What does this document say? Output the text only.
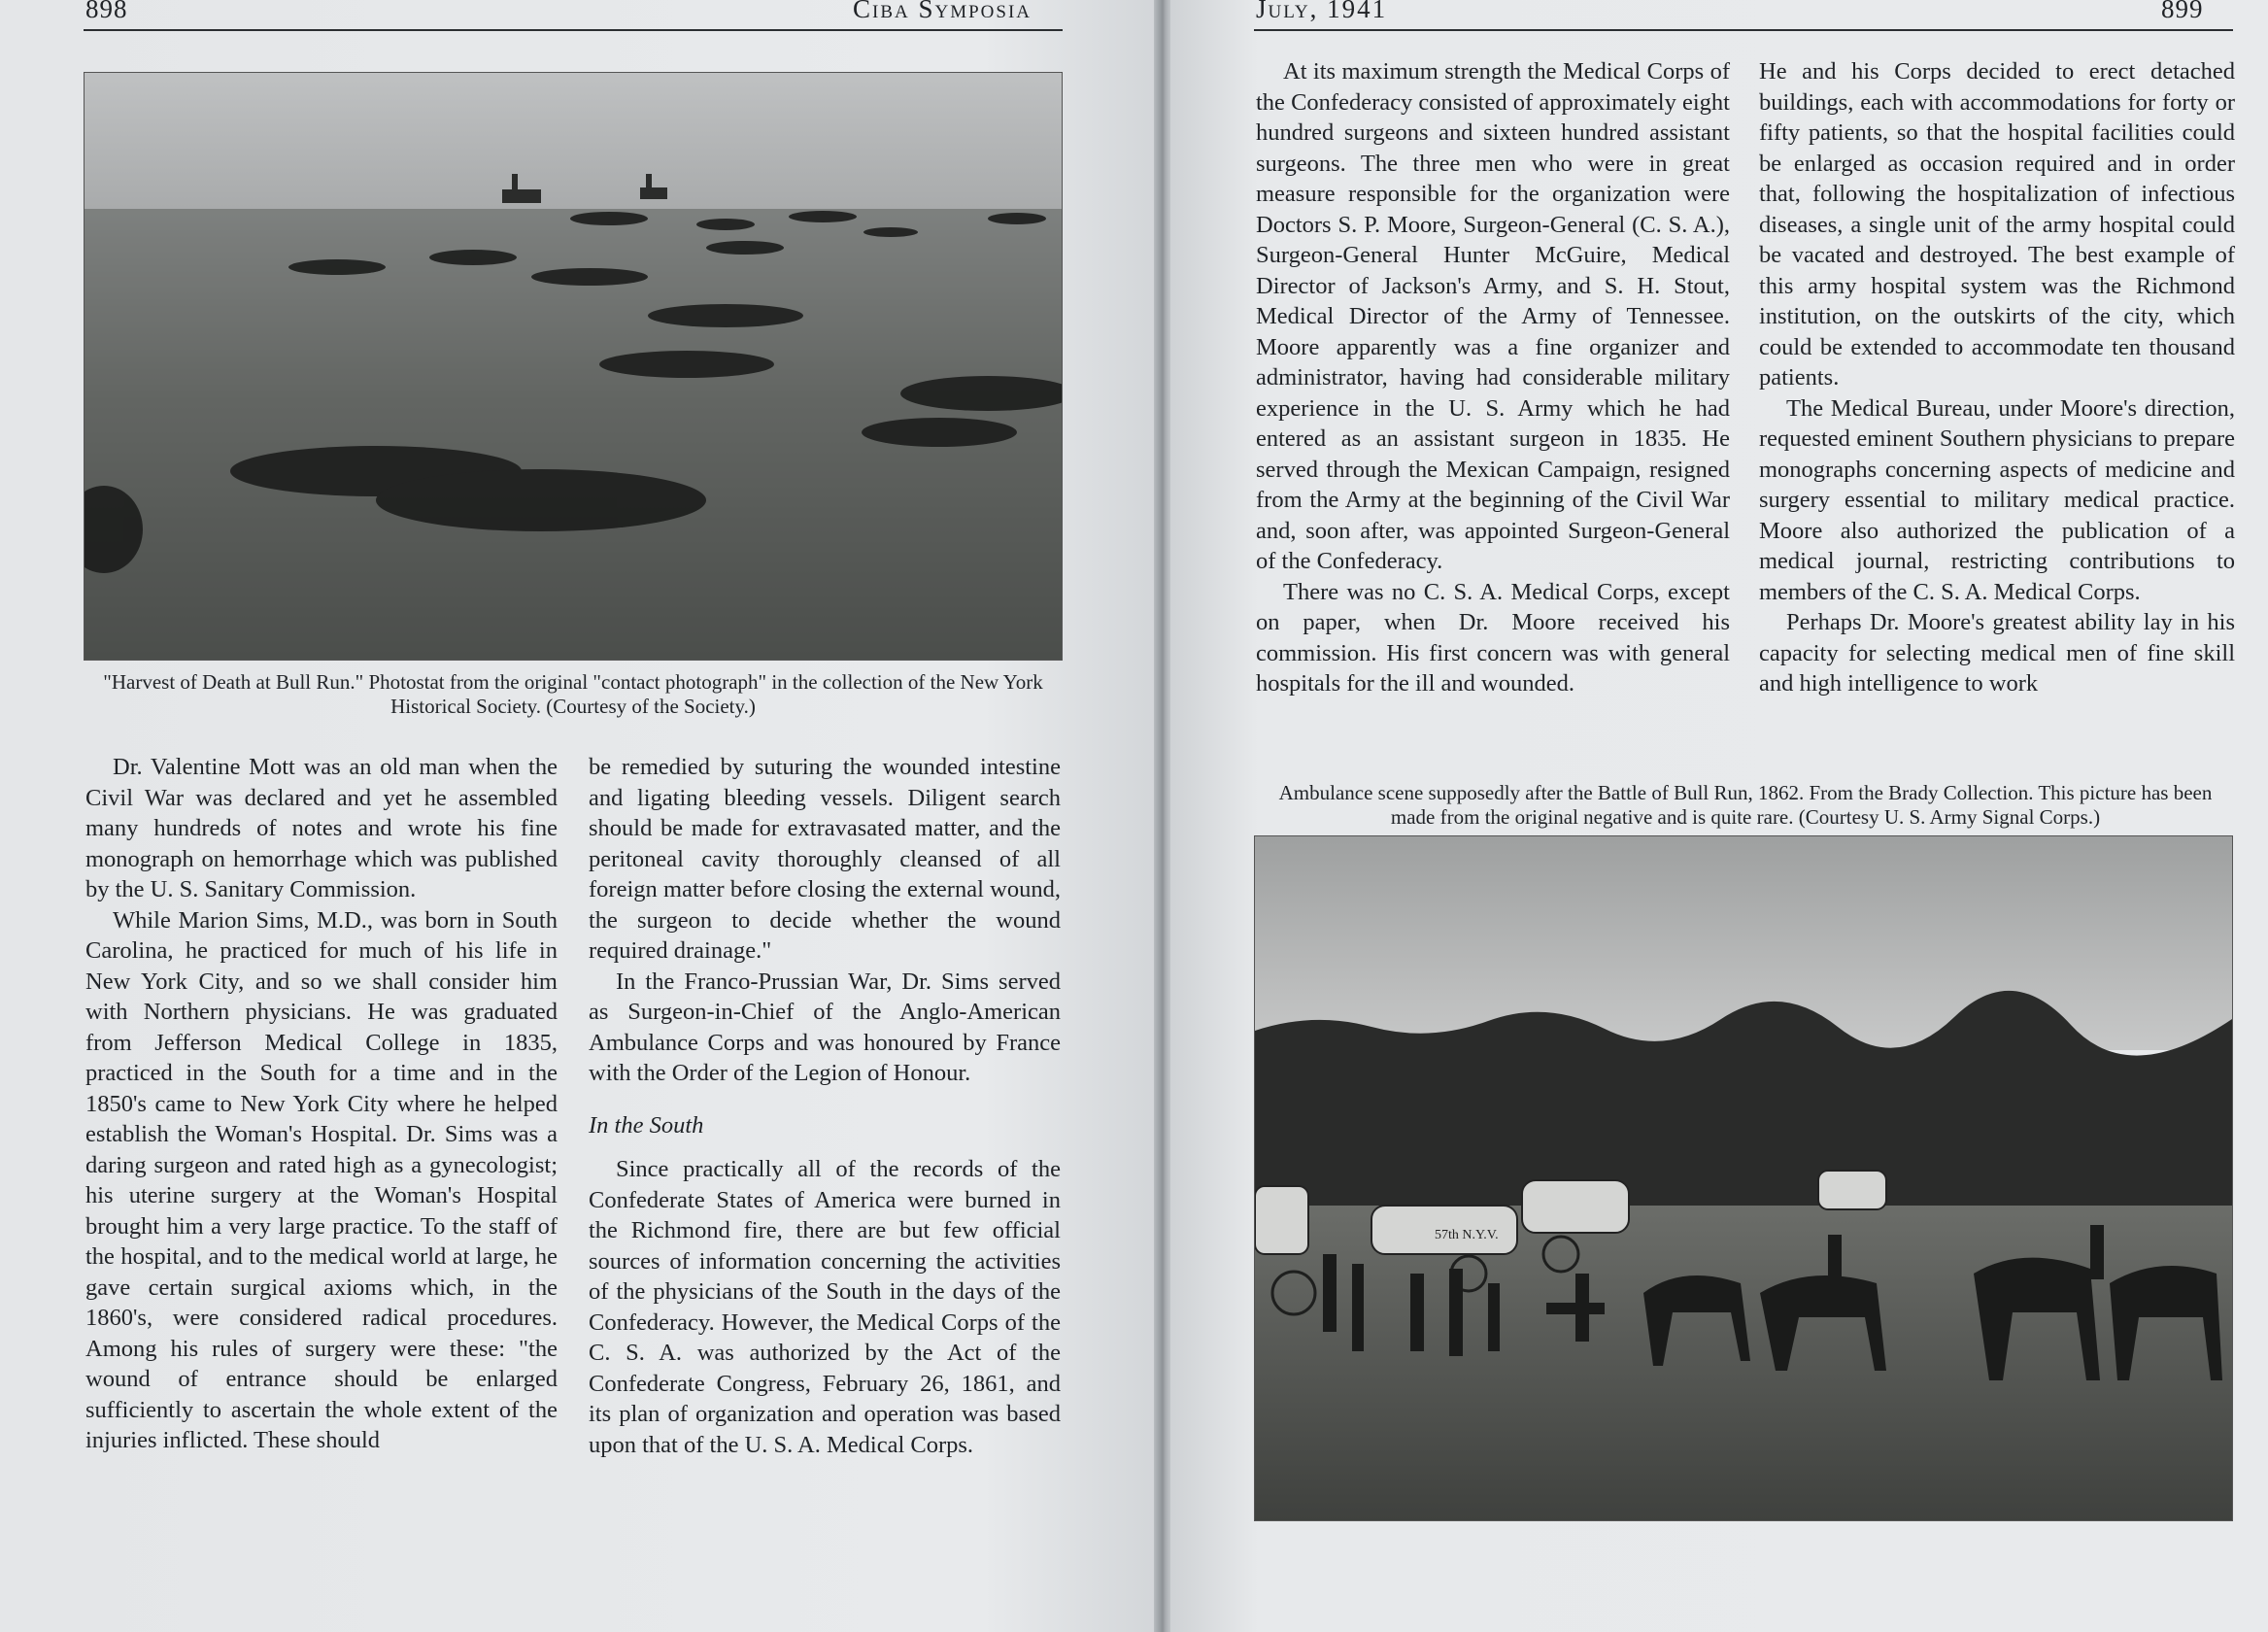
898	Ciba Symposia
"Harvest of Death at Bull Run." Photostat from the original "contact photograph" in the collection of the New York Historical Society. (Courtesy of the Society.)

Dr. Valentine Mott was an old man when the Civil War was declared and yet he assembled many hundreds of notes and wrote his fine monograph on hemorrhage which was published by the U. S. Sanitary Commission.

While Marion Sims, M.D., was born in South Carolina, he practiced for much of his life in New York City, and so we shall consider him with Northern physicians. He was graduated from Jefferson Medical College in 1835, practiced in the South for a time and in the 1850's came to New York City where he helped establish the Woman's Hospital. Dr. Sims was a daring surgeon and rated high as a gynecologist; his uterine surgery at the Woman's Hospital brought him a very large practice. To the staff of the hospital, and to the medical world at large, he gave certain surgical axioms which, in the 1860's, were considered radical procedures. Among his rules of surgery were these: "the wound of entrance should be enlarged sufficiently to ascertain the whole extent of the injuries inflicted. These should

be remedied by suturing the wounded intestine and ligating bleeding vessels. Diligent search should be made for extravasated matter, and the peritoneal cavity thoroughly cleansed of all foreign matter before closing the external wound, the surgeon to decide whether the wound required drainage."

In the Franco-Prussian War, Dr. Sims served as Surgeon-in-Chief of the Anglo-American Ambulance Corps and was honoured by France with the Order of the Legion of Honour.

In the South

Since practically all of the records of the Confederate States of America were burned in the Richmond fire, there are but few official sources of information concerning the activities of the physicians of the South in the days of the Confederacy. However, the Medical Corps of the C. S. A. was authorized by the Act of the Confederate Congress, February 26, 1861, and its plan of organization and operation was based upon that of the U. S. A. Medical Corps.

July, 1941	899

At its maximum strength the Medical Corps of the Confederacy consisted of approximately eight hundred surgeons and sixteen hundred assistant surgeons. The three men who were in great measure responsible for the organization were Doctors S. P. Moore, Surgeon-General (C. S. A.), Surgeon-General Hunter McGuire, Medical Director of Jackson's Army, and S. H. Stout, Medical Director of the Army of Tennessee. Moore apparently was a fine organizer and administrator, having had considerable military experience in the U. S. Army which he had entered as an assistant surgeon in 1835. He served through the Mexican Campaign, resigned from the Army at the beginning of the Civil War and, soon after, was appointed Surgeon-General of the Confederacy.

There was no C. S. A. Medical Corps, except on paper, when Dr. Moore received his commission. His first concern was with general hospitals for the ill and wounded.

He and his Corps decided to erect detached buildings, each with accommodations for forty or fifty patients, so that the hospital facilities could be enlarged as occasion required and in order that, following the hospitalization of infectious diseases, a single unit of the army hospital could be vacated and destroyed. The best example of this army hospital system was the Richmond institution, on the outskirts of the city, which could be extended to accommodate ten thousand patients.

The Medical Bureau, under Moore's direction, requested eminent Southern physicians to prepare monographs concerning aspects of medicine and surgery essential to military medical practice. Moore also authorized the publication of a medical journal, restricting contributions to members of the C. S. A. Medical Corps.

Perhaps Dr. Moore's greatest ability lay in his capacity for selecting medical men of fine skill and high intelligence to work

Ambulance scene supposedly after the Battle of Bull Run, 1862. From the Brady Collection. This picture has been made from the original negative and is quite rare. (Courtesy U. S. Army Signal Corps.)
57th N.Y.V.
